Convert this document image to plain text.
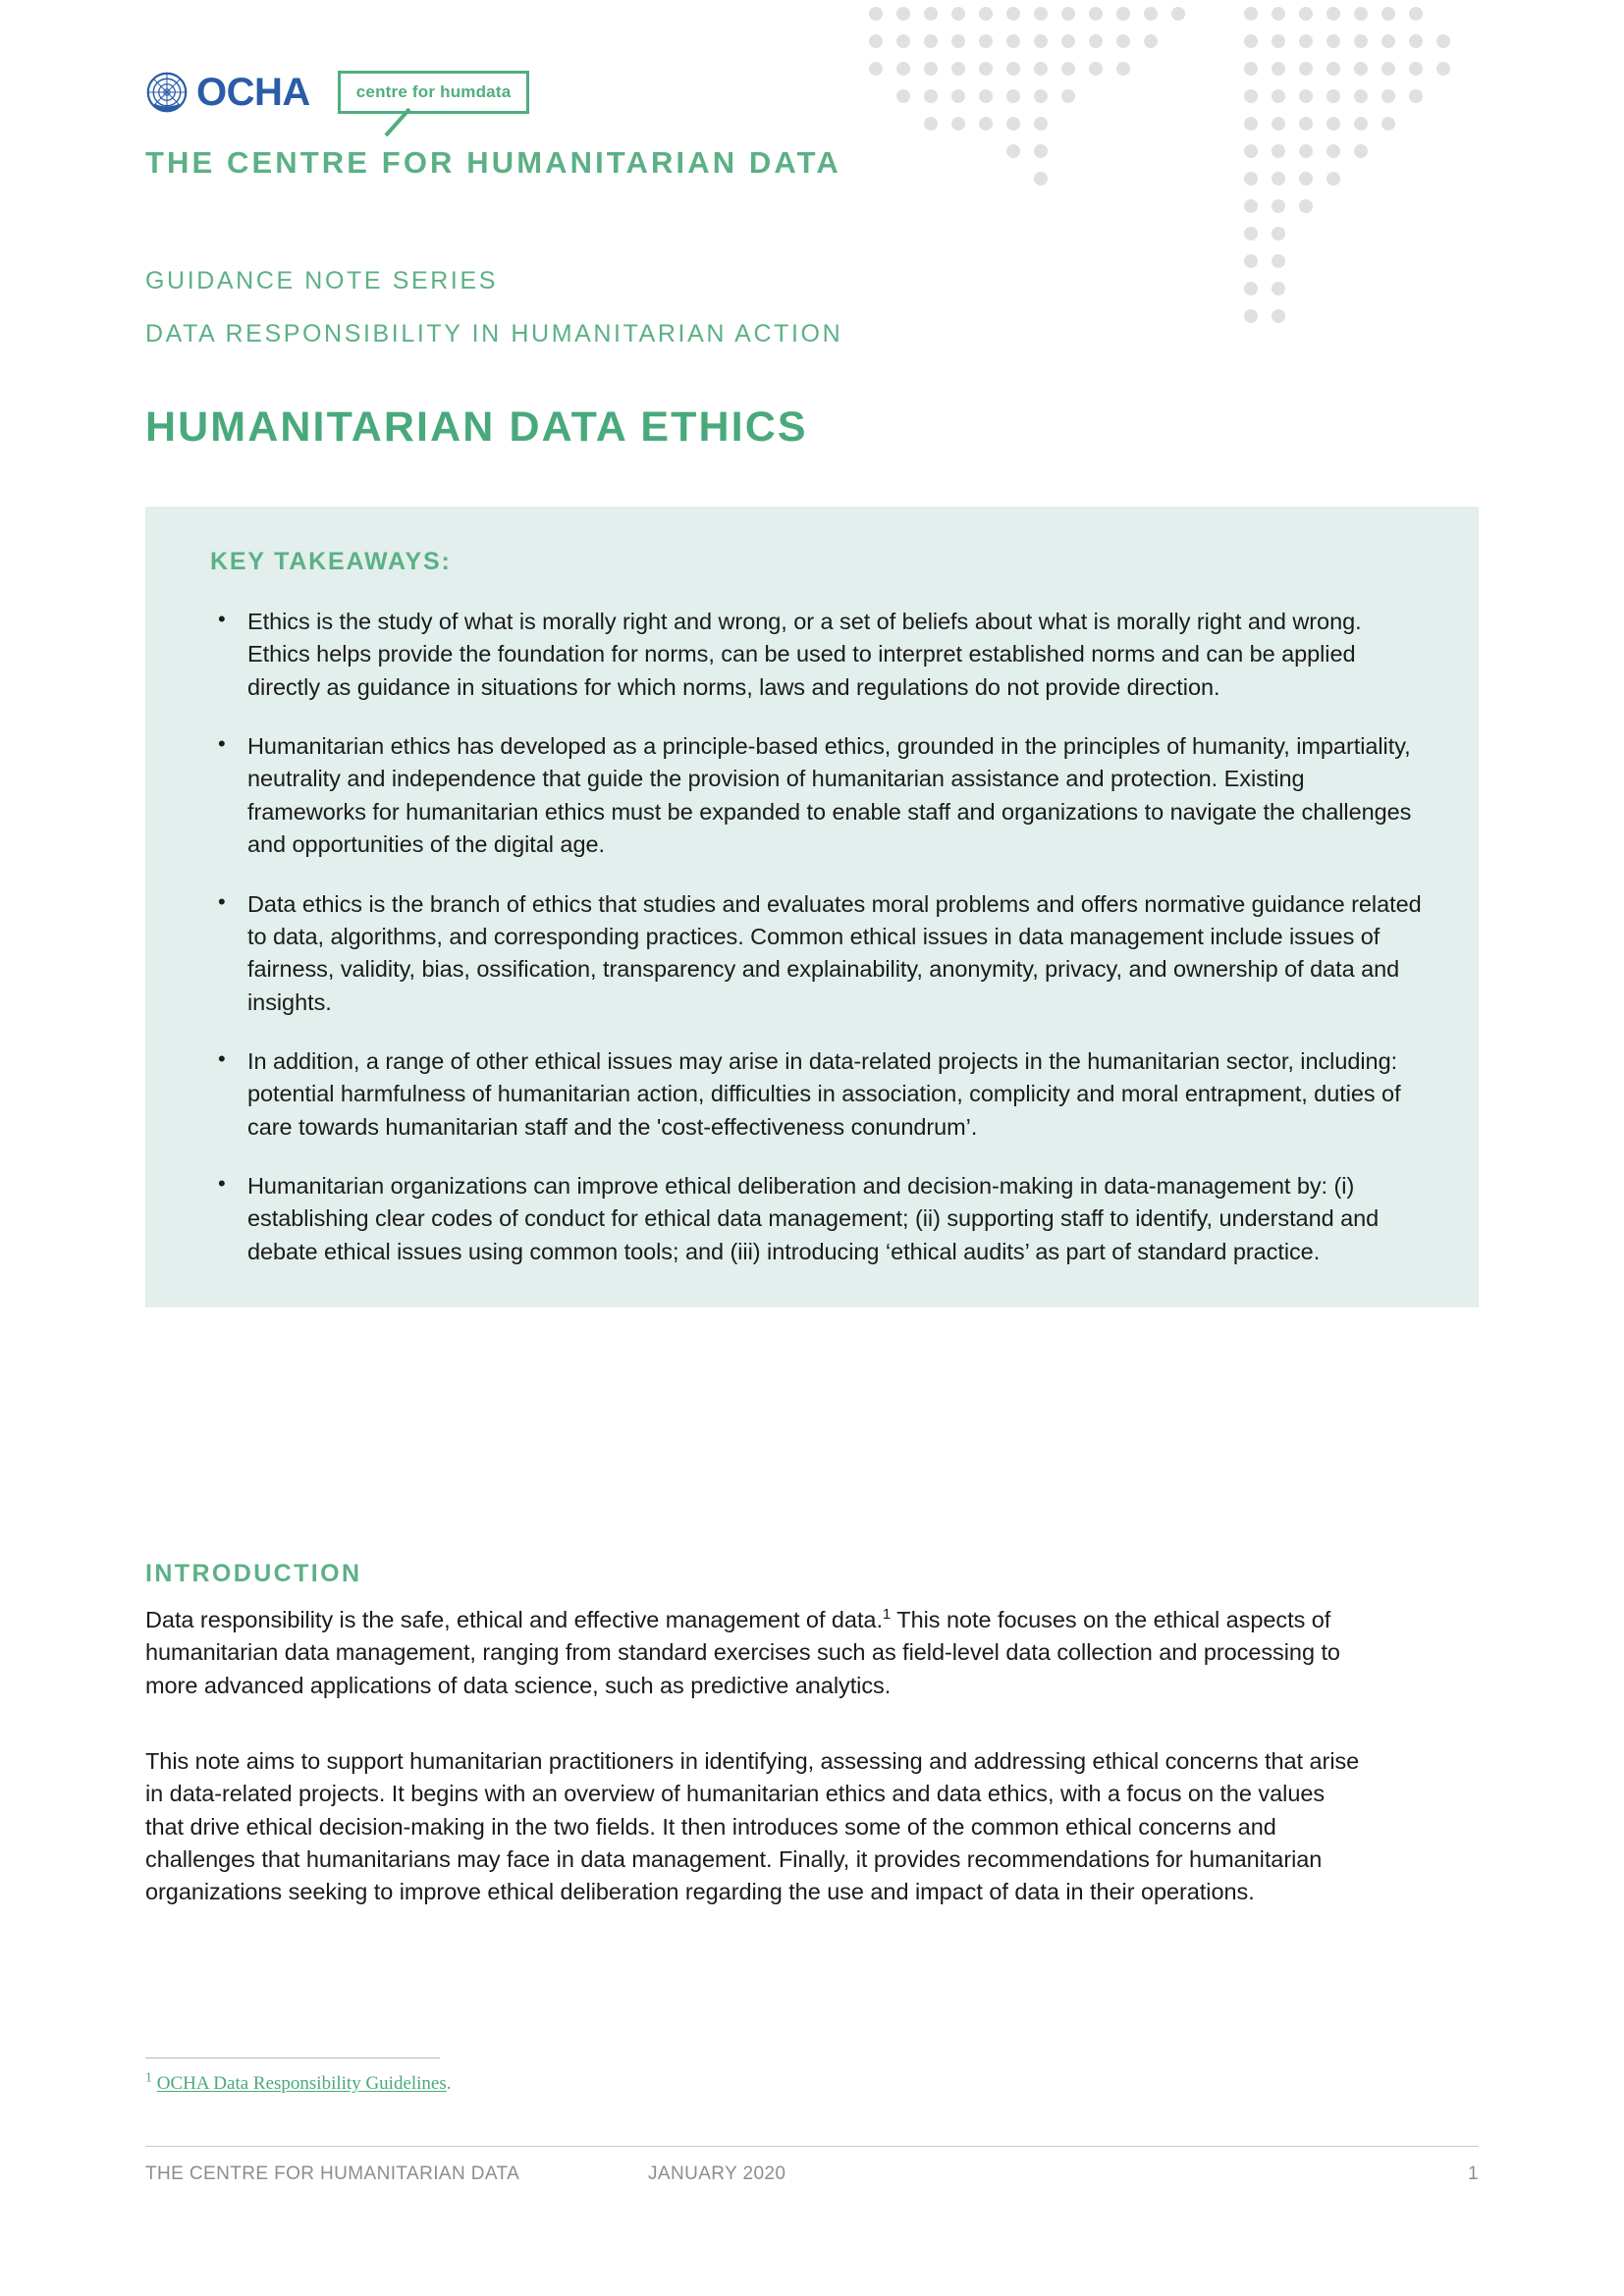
OCHA	centre for humdata
THE CENTRE FOR HUMANITARIAN DATA
GUIDANCE NOTE SERIES
DATA RESPONSIBILITY IN HUMANITARIAN ACTION
HUMANITARIAN DATA ETHICS
KEY TAKEAWAYS:
• Ethics is the study of what is morally right and wrong, or a set of beliefs about what is morally right and wrong. Ethics helps provide the foundation for norms, can be used to interpret established norms and can be applied directly as guidance in situations for which norms, laws and regulations do not provide direction.
• Humanitarian ethics has developed as a principle-based ethics, grounded in the principles of humanity, impartiality, neutrality and independence that guide the provision of humanitarian assistance and protection. Existing frameworks for humanitarian ethics must be expanded to enable staff and organizations to navigate the challenges and opportunities of the digital age.
• Data ethics is the branch of ethics that studies and evaluates moral problems and offers normative guidance related to data, algorithms, and corresponding practices. Common ethical issues in data management include issues of fairness, validity, bias, ossification, transparency and explainability, anonymity, privacy, and ownership of data and insights.
• In addition, a range of other ethical issues may arise in data-related projects in the humanitarian sector, including: potential harmfulness of humanitarian action, difficulties in association, complicity and moral entrapment, duties of care towards humanitarian staff and the 'cost-effectiveness conundrum’.
• Humanitarian organizations can improve ethical deliberation and decision-making in data-management by: (i) establishing clear codes of conduct for ethical data management; (ii) supporting staff to identify, understand and debate ethical issues using common tools; and (iii) introducing ‘ethical audits’ as part of standard practice.
INTRODUCTION

Data responsibility is the safe, ethical and effective management of data.$^1$ This note focuses on the ethical aspects of humanitarian data management, ranging from standard exercises such as field-level data collection and processing to more advanced applications of data science, such as predictive analytics.

This note aims to support humanitarian practitioners in identifying, assessing and addressing ethical concerns that arise in data-related projects. It begins with an overview of humanitarian ethics and data ethics, with a focus on the values that drive ethical decision-making in the two fields. It then introduces some of the common ethical concerns and challenges that humanitarians may face in data management. Finally, it provides recommendations for humanitarian organizations seeking to improve ethical deliberation regarding the use and impact of data in their operations.

$^1$ OCHA Data Responsibility Guidelines.
THE CENTRE FOR HUMANITARIAN DATA	JANUARY 2020	1
